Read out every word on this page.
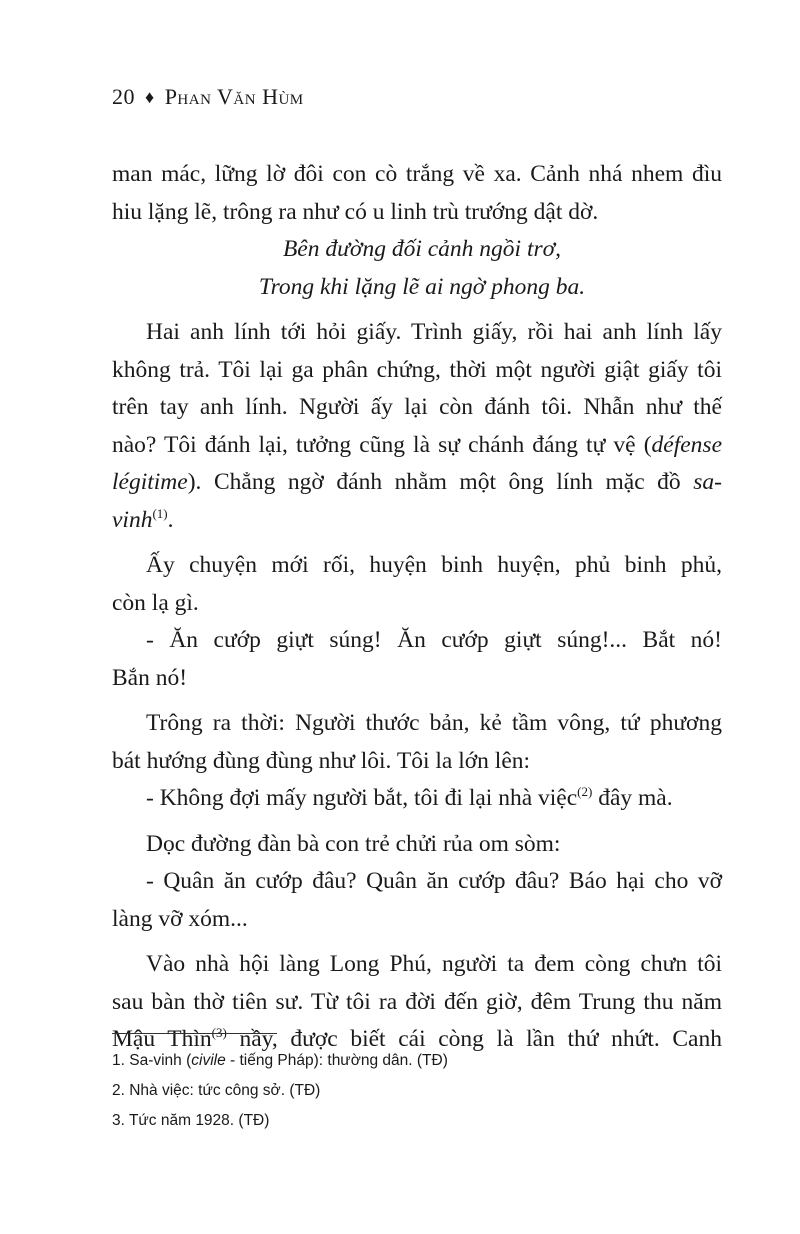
20 ♦ Phan Văn Hùm
man mác, lững lờ đôi con cò trắng về xa. Cảnh nhá nhem đìu
hiu lặng lẽ, trông ra như có u linh trù trướng dật dờ.
Bên đường đối cảnh ngồi trơ,
Trong khi lặng lẽ ai ngờ phong ba.
Hai anh lính tới hỏi giấy. Trình giấy, rồi hai anh lính lấy
không trả. Tôi lại ga phân chứng, thời một người giật giấy tôi
trên tay anh lính. Người ấy lại còn đánh tôi. Nhẫn như thế
nào? Tôi đánh lại, tưởng cũng là sự chánh đáng tự vệ (défense
légitime). Chẳng ngờ đánh nhằm một ông lính mặc đồ sa-
vinh$^{(1)}$.
Ấy chuyện mới rối, huyện binh huyện, phủ binh phủ,
còn lạ gì.
- Ăn cướp giựt súng! Ăn cướp giựt súng!... Bắt nó!
Bắn nó!
Trông ra thời: Người thước bản, kẻ tầm vông, tứ phương
bát hướng đùng đùng như lôi. Tôi la lớn lên:
- Không đợi mấy người bắt, tôi đi lại nhà việc$^{(2)}$ đây mà.
Dọc đường đàn bà con trẻ chửi rủa om sòm:
- Quân ăn cướp đâu? Quân ăn cướp đâu? Báo hại cho vỡ
làng vỡ xóm...
Vào nhà hội làng Long Phú, người ta đem còng chưn tôi
sau bàn thờ tiên sư. Từ tôi ra đời đến giờ, đêm Trung thu năm
Mậu Thìn$^{(3)}$ nầy, được biết cái còng là lần thứ nhứt. Canh
1. Sa-vinh (civile - tiếng Pháp): thường dân. (TĐ)
2. Nhà việc: tức công sở. (TĐ)
3. Tức năm 1928. (TĐ)
